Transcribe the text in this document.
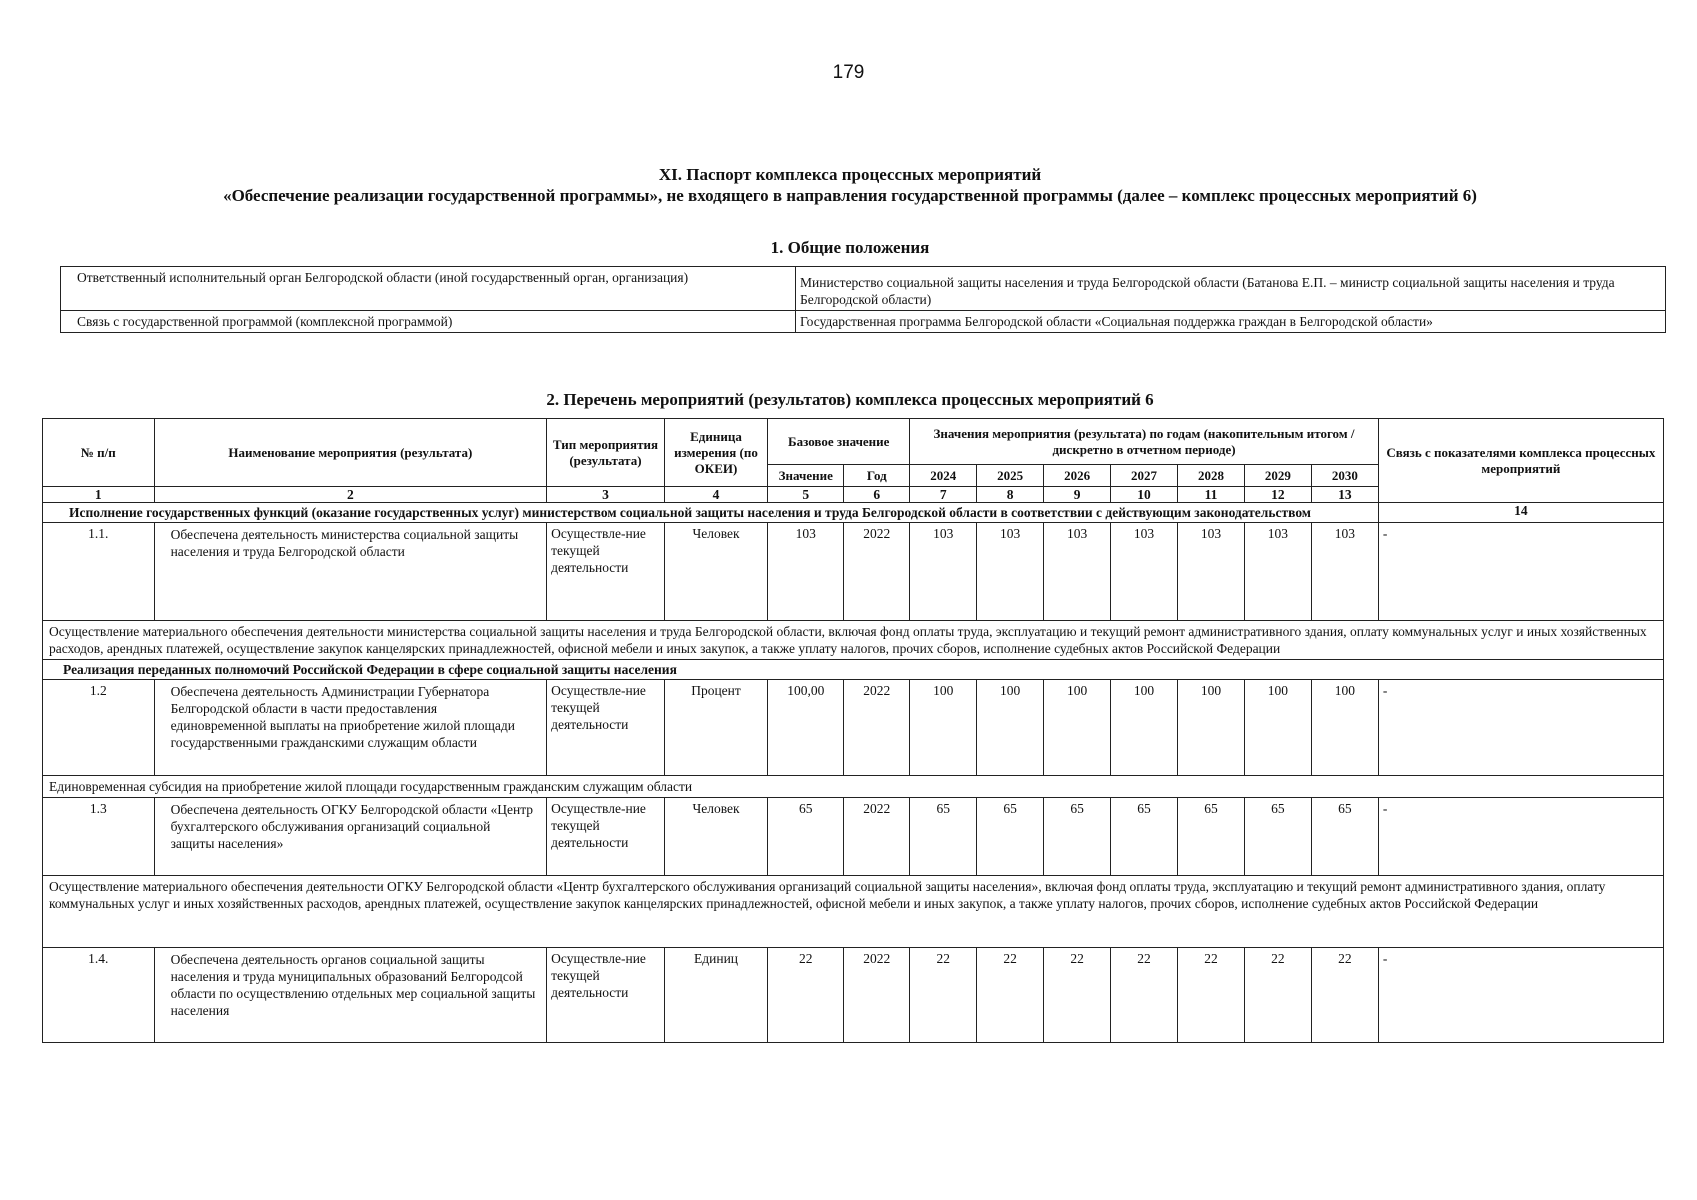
179
XI. Паспорт комплекса процессных мероприятий
«Обеспечение реализации государственной программы», не входящего в направления государственной программы (далее – комплекс процессных мероприятий 6)
1. Общие положения
Ответственный исполнительный орган Белгородской области (иной государственный орган, организация)	Министерство социальной защиты населения и труда Белгородской области (Батанова Е.П. – министр социальной защиты населения и труда Белгородской области)
Связь с государственной программой (комплексной программой)	Государственная программа Белгородской области «Социальная поддержка граждан в Белгородской области»
2. Перечень мероприятий (результатов) комплекса процессных мероприятий 6
№ п/п	Наименование мероприятия (результата)	Тип мероприятия (результата)	Единица измерения (по ОКЕИ)	Базовое значение		Значения мероприятия (результата) по годам (накопительным итогом / дискретно в отчетном периоде)							Связь с показателями комплекса процессных мероприятий
				Значение	Год	2024	2025	2026	2027	2028	2029	2030	
1	2	3	4	5	6	7	8	9	10	11	12	13	
Исполнение государственных функций (оказание государственных услуг) министерством социальной защиты населения и труда Белгородской области в соответствии с действующим законодательством													14
1.1.	Обеспечена деятельность министерства социальной защиты населения и труда Белгородской области	Осуществле-ние текущей деятельности	Человек	103	2022	103	103	103	103	103	103	103	-
Осуществление материального обеспечения деятельности министерства социальной защиты населения и труда Белгородской области, включая фонд оплаты труда, эксплуатацию и текущий ремонт административного здания, оплату коммунальных услуг и иных хозяйственных расходов, арендных платежей, осуществление закупок канцелярских принадлежностей, офисной мебели и иных закупок, а также уплату налогов, прочих сборов, исполнение судебных актов Российской Федерации													
Реализация переданных полномочий Российской Федерации в сфере социальной защиты населения													
1.2	Обеспечена деятельность Администрации Губернатора Белгородской области в части предоставления единовременной выплаты на приобретение жилой площади государственными гражданскими служащим области	Осуществле-ние текущей деятельности	Процент	100,00	2022	100	100	100	100	100	100	100	-
Единовременная субсидия на приобретение жилой площади государственным гражданским служащим области													
1.3	Обеспечена деятельность ОГКУ Белгородской области «Центр бухгалтерского обслуживания организаций социальной защиты населения»	Осуществле-ние текущей деятельности	Человек	65	2022	65	65	65	65	65	65	65	-
Осуществление материального обеспечения деятельности ОГКУ Белгородской области «Центр бухгалтерского обслуживания организаций социальной защиты населения», включая фонд оплаты труда, эксплуатацию и текущий ремонт административного здания, оплату коммунальных услуг и иных хозяйственных расходов, арендных платежей, осуществление закупок канцелярских принадлежностей, офисной мебели и иных закупок, а также уплату налогов, прочих сборов, исполнение судебных актов Российской Федерации													
1.4.	Обеспечена деятельность органов социальной защиты населения и труда муниципальных образований Белгородсой области по осуществлению отдельных мер социальной защиты населения	Осуществле-ние текущей деятельности	Единиц	22	2022	22	22	22	22	22	22	22	-
